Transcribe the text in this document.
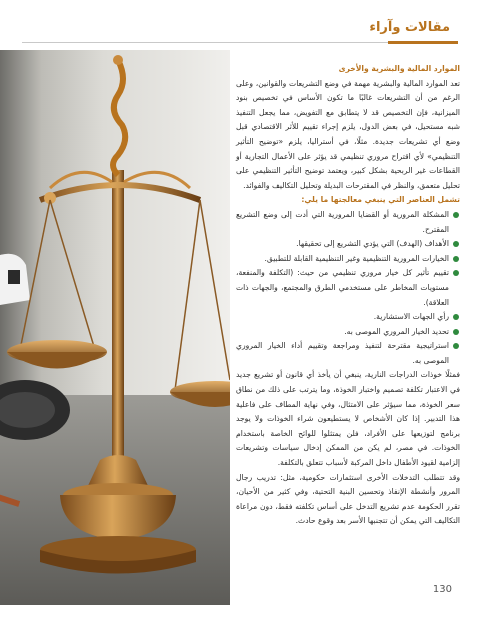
مقالات وآراء

الموارد المالية والبشرية والأخرى

تعد الموارد المالية والبشرية مهمة في وضع التشريعات والقوانين، وعلى الرغم من أن التشريعات غالبًا ما تكون الأساس في تخصيص بنود الميزانية، فإن التخصيص قد لا يتطابق مع التفويض، مما يجعل التنفيذ شبه مستحيل، في بعض الدول، يلزم إجراء تقييم للأثر الاقتصادي قبل وضع أي تشريعات جديدة. مثلًا، في أستراليا، يلزم «توضيح التأثير التنظيمي» لأي اقتراح مروري تنظيمي قد يؤثر على الأعمال التجارية أو القطاعات غير الربحية بشكل كبير، ويعتمد توضيح التأثير التنظيمي على تحليل متعمق، والنظر في المقترحات البديلة وتحليل التكاليف والفوائد.

تشمل العناصر التي ينبغي معالجتها ما يلي:

المشكلة المرورية أو القضايا المرورية التي أدت إلى وضع التشريع المقترح.
الأهداف (الهدف) التي يؤدي التشريع إلى تحقيقها.
الخيارات المرورية التنظيمية وغير التنظيمية القابلة للتطبيق.
تقييم تأثير كل خيار مروري تنظيمي من حيث: (التكلفة والمنفعة، مستويات المخاطر على مستخدمي الطرق والمجتمع، والجهات ذات العلاقة).
رأي الجهات الاستشارية.
تحديد الخيار المروري الموصى به.
استراتيجية مقترحة لتنفيذ ومراجعة وتقييم أداء الخيار المروري الموصى به.

فمثلًا خوذات الدراجات النارية، ينبغي أن يأخذ أي قانون أو تشريع جديد في الاعتبار تكلفة تصميم واختبار الخوذة، وما يترتب على ذلك من نطاق سعر الخوذة، مما سيؤثر على الامتثال، وفي نهاية المطاف على فاعلية هذا التدبير. إذا كان الأشخاص لا يستطيعون شراء الخوذات ولا يوجد برنامج لتوزيعها على الأفراد، فلن يمتثلوا للوائح الخاصة باستخدام الخوذات. في مصر، لم يكن من الممكن إدخال سياسات وتشريعات إلزامية لقيود الأطفال داخل المركبة لأسباب تتعلق بالتكلفة.

وقد تتطلب التدخلات الأخرى استثمارات حكومية، مثل: تدريب رجال المرور وأنشطة الإنفاذ وتحسين البنية التحتية، وفي كثير من الأحيان، تقرر الحكومة عدم تشريع التدخل على أساس تكلفته فقط، دون مراعاة التكاليف التي يمكن أن تتجنبها الأسر بعد وقوع حادث.

130
